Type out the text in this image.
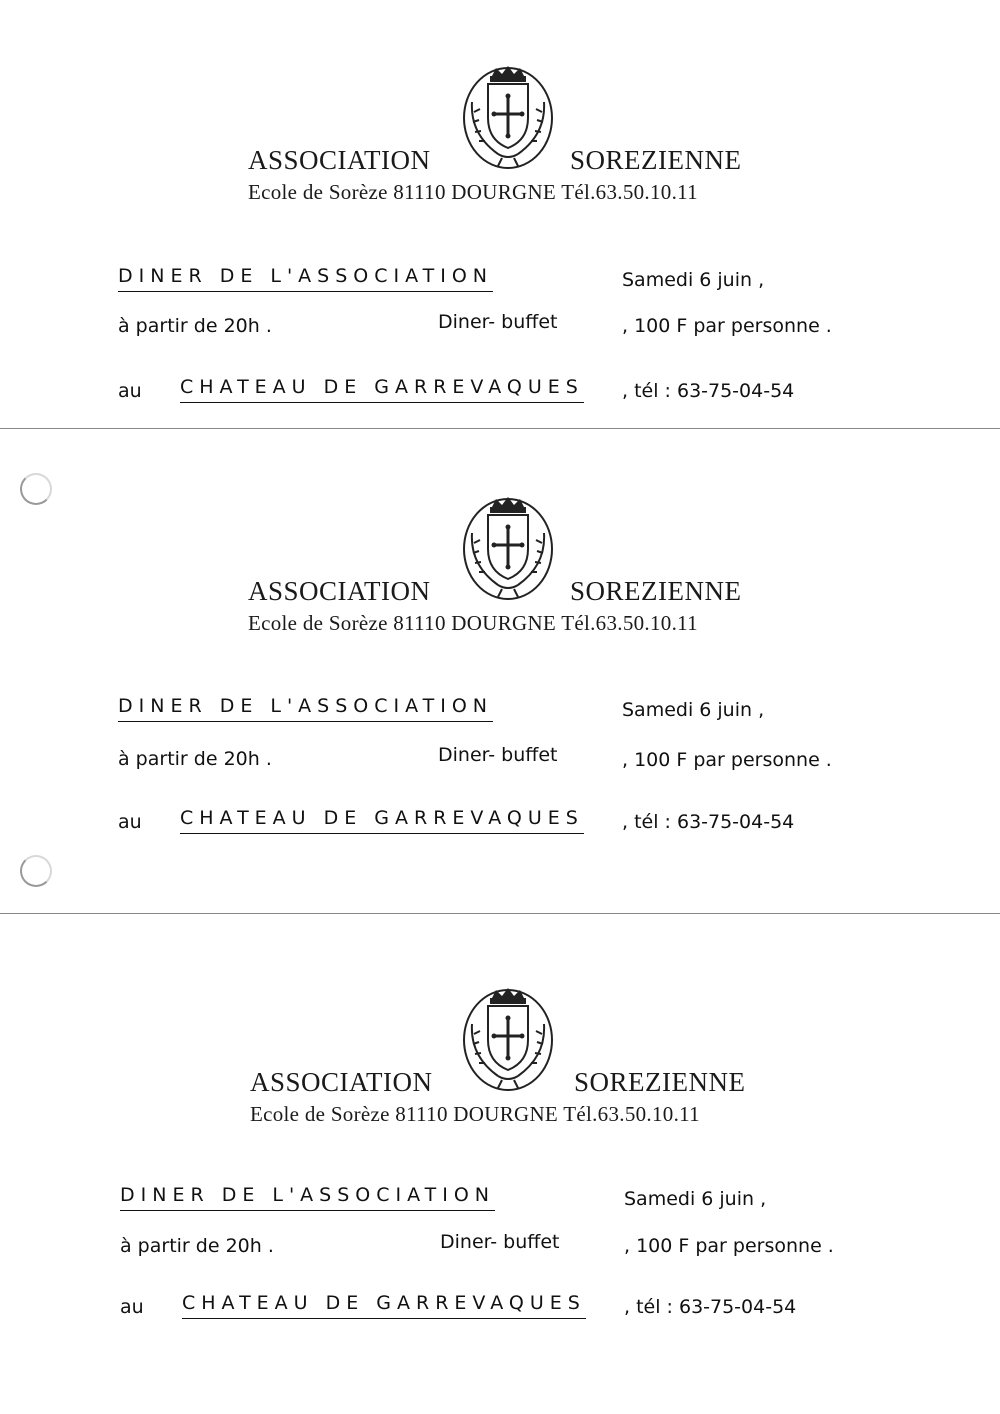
ASSOCIATION	SOREZIENNE
Ecole de Sorèze 81110 DOURGNE Tél.63.50.10.11
DINER DE L'ASSOCIATION	Samedi 6 juin ,
à partir de 20h .	Diner- buffet	, 100 F par personne .
au CHATEAU DE GARREVAQUES , tél : 63-75-04-54
ASSOCIATION	SOREZIENNE
Ecole de Sorèze 81110 DOURGNE Tél.63.50.10.11
DINER DE L'ASSOCIATION	Samedi 6 juin ,
à partir de 20h .	Diner- buffet	, 100 F par personne .
au CHATEAU DE GARREVAQUES , tél : 63-75-04-54
ASSOCIATION	SOREZIENNE
Ecole de Sorèze 81110 DOURGNE Tél.63.50.10.11
DINER DE L'ASSOCIATION	Samedi 6 juin ,
à partir de 20h .	Diner- buffet	, 100 F par personne .
au CHATEAU DE GARREVAQUES , tél : 63-75-04-54
